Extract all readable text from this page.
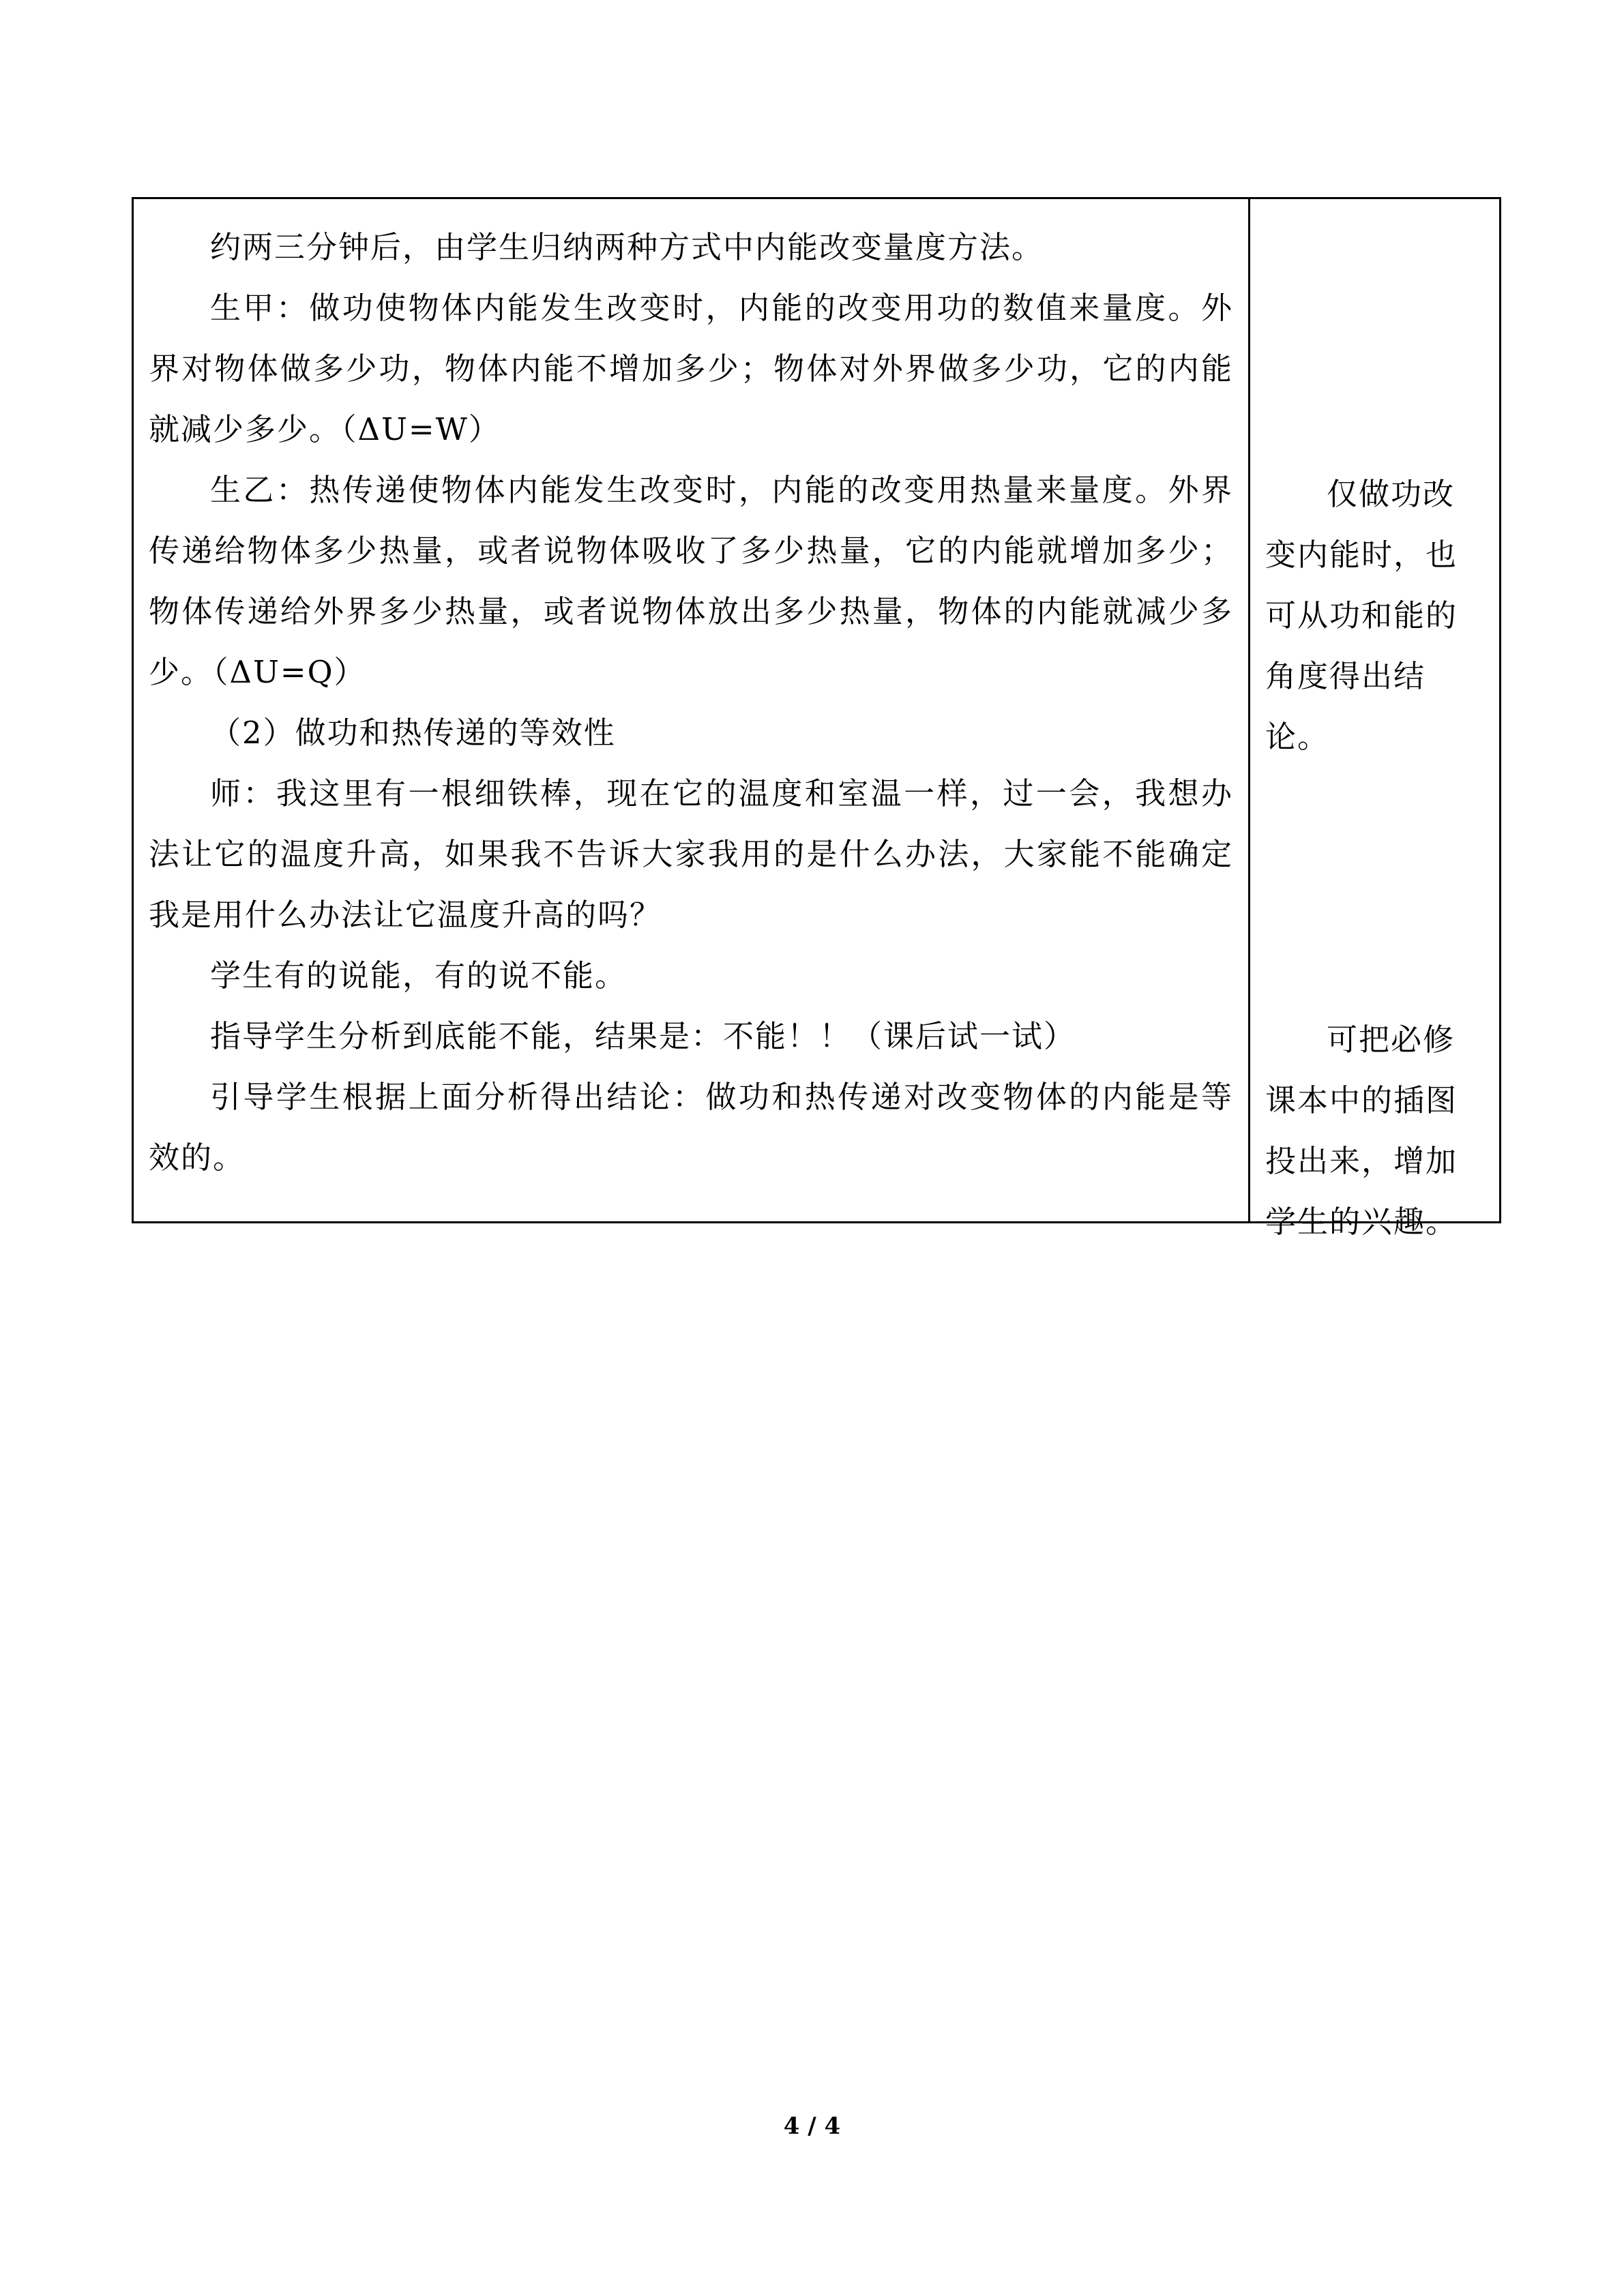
约两三分钟后，由学生归纳两种方式中内能改变量度方法。

生甲：做功使物体内能发生改变时，内能的改变用功的数值来量度。外界对物体做多少功，物体内能不增加多少；物体对外界做多少功，它的内能就减少多少。（ΔU=W）

生乙：热传递使物体内能发生改变时，内能的改变用热量来量度。外界传递给物体多少热量，或者说物体吸收了多少热量，它的内能就增加多少；物体传递给外界多少热量，或者说物体放出多少热量，物体的内能就减少多少。（ΔU=Q）

（2）做功和热传递的等效性

师：我这里有一根细铁棒，现在它的温度和室温一样，过一会，我想办法让它的温度升高，如果我不告诉大家我用的是什么办法，大家能不能确定我是用什么办法让它温度升高的吗？

学生有的说能，有的说不能。

指导学生分析到底能不能，结果是：不能！！（课后试一试）

引导学生根据上面分析得出结论：做功和热传递对改变物体的内能是等效的。

仅做功改变内能时，也可从功和能的角度得出结论。

可把必修课本中的插图投出来，增加学生的兴趣。

4 / 4
